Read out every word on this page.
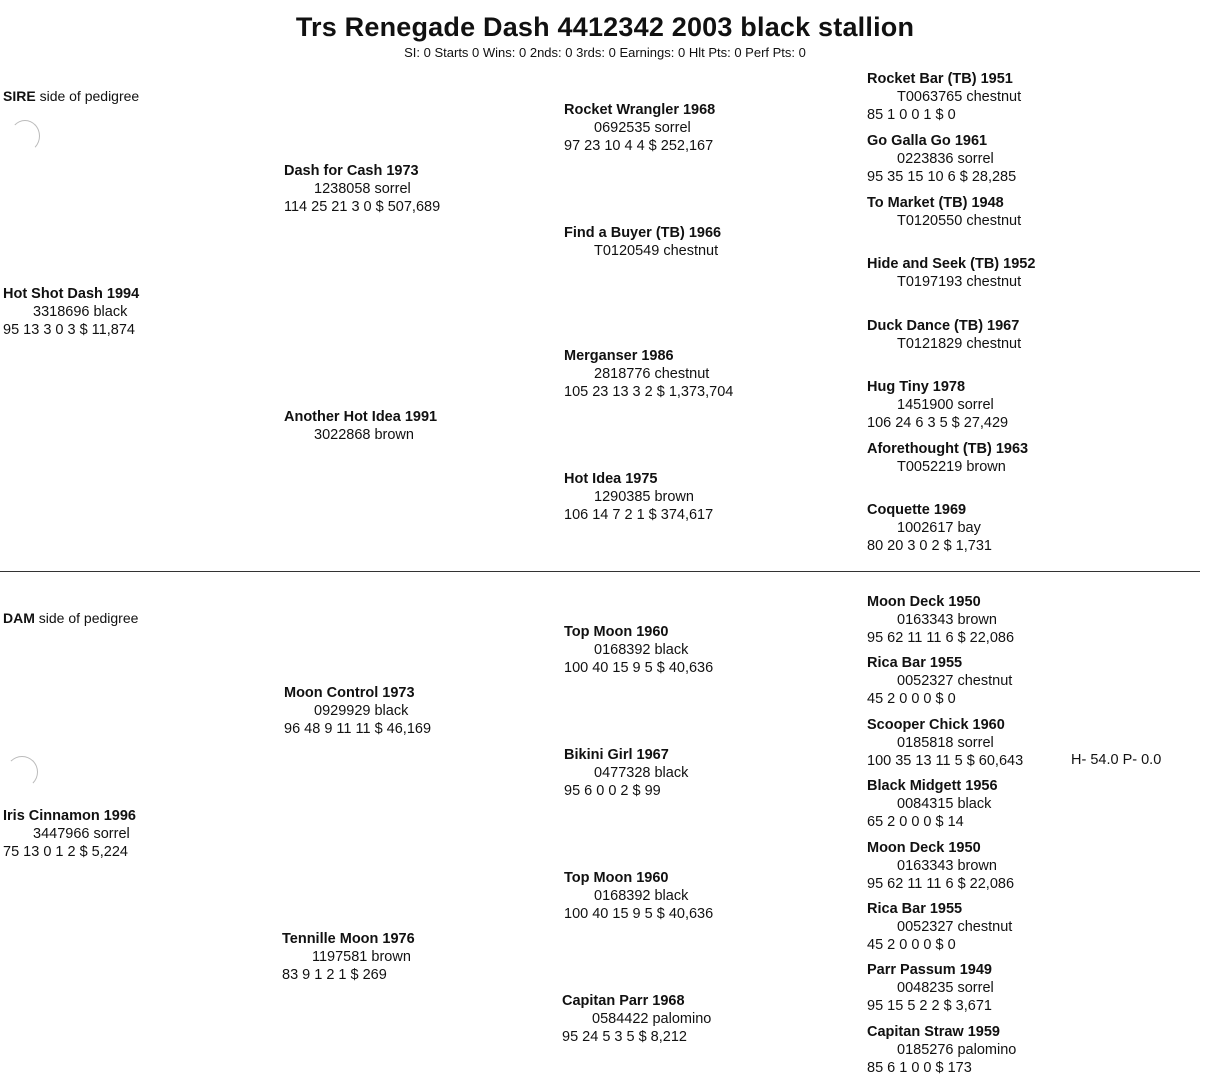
Trs Renegade Dash 4412342 2003 black stallion
SI: 0 Starts 0 Wins: 0 2nds: 0 3rds: 0 Earnings: 0 Hlt Pts: 0 Perf Pts: 0
SIRE side of pedigree
Hot Shot Dash 1994
3318696 black
95 13 3 0 3 $ 11,874
Dash for Cash 1973
1238058 sorrel
114 25 21 3 0 $ 507,689
Another Hot Idea 1991
3022868 brown
Rocket Wrangler 1968
0692535 sorrel
97 23 10 4 4 $ 252,167
Find a Buyer (TB) 1966
T0120549 chestnut
Merganser 1986
2818776 chestnut
105 23 13 3 2 $ 1,373,704
Hot Idea 1975
1290385 brown
106 14 7 2 1 $ 374,617
Rocket Bar (TB) 1951
T0063765 chestnut
85 1 0 0 1 $ 0
Go Galla Go 1961
0223836 sorrel
95 35 15 10 6 $ 28,285
To Market (TB) 1948
T0120550 chestnut
Hide and Seek (TB) 1952
T0197193 chestnut
Duck Dance (TB) 1967
T0121829 chestnut
Hug Tiny 1978
1451900 sorrel
106 24 6 3 5 $ 27,429
Aforethought (TB) 1963
T0052219 brown
Coquette 1969
1002617 bay
80 20 3 0 2 $ 1,731
DAM side of pedigree
Iris Cinnamon 1996
3447966 sorrel
75 13 0 1 2 $ 5,224
Moon Control 1973
0929929 black
96 48 9 11 11 $ 46,169
Tennille Moon 1976
1197581 brown
83 9 1 2 1 $ 269
Top Moon 1960
0168392 black
100 40 15 9 5 $ 40,636
Bikini Girl 1967
0477328 black
95 6 0 0 2 $ 99
Top Moon 1960
0168392 black
100 40 15 9 5 $ 40,636
Capitan Parr 1968
0584422 palomino
95 24 5 3 5 $ 8,212
Moon Deck 1950
0163343 brown
95 62 11 11 6 $ 22,086
Rica Bar 1955
0052327 chestnut
45 2 0 0 0 $ 0
Scooper Chick 1960
0185818 sorrel
100 35 13 11 5 $ 60,643	H- 54.0 P- 0.0
Black Midgett 1956
0084315 black
65 2 0 0 0 $ 14
Moon Deck 1950
0163343 brown
95 62 11 11 6 $ 22,086
Rica Bar 1955
0052327 chestnut
45 2 0 0 0 $ 0
Parr Passum 1949
0048235 sorrel
95 15 5 2 2 $ 3,671
Capitan Straw 1959
0185276 palomino
85 6 1 0 0 $ 173
